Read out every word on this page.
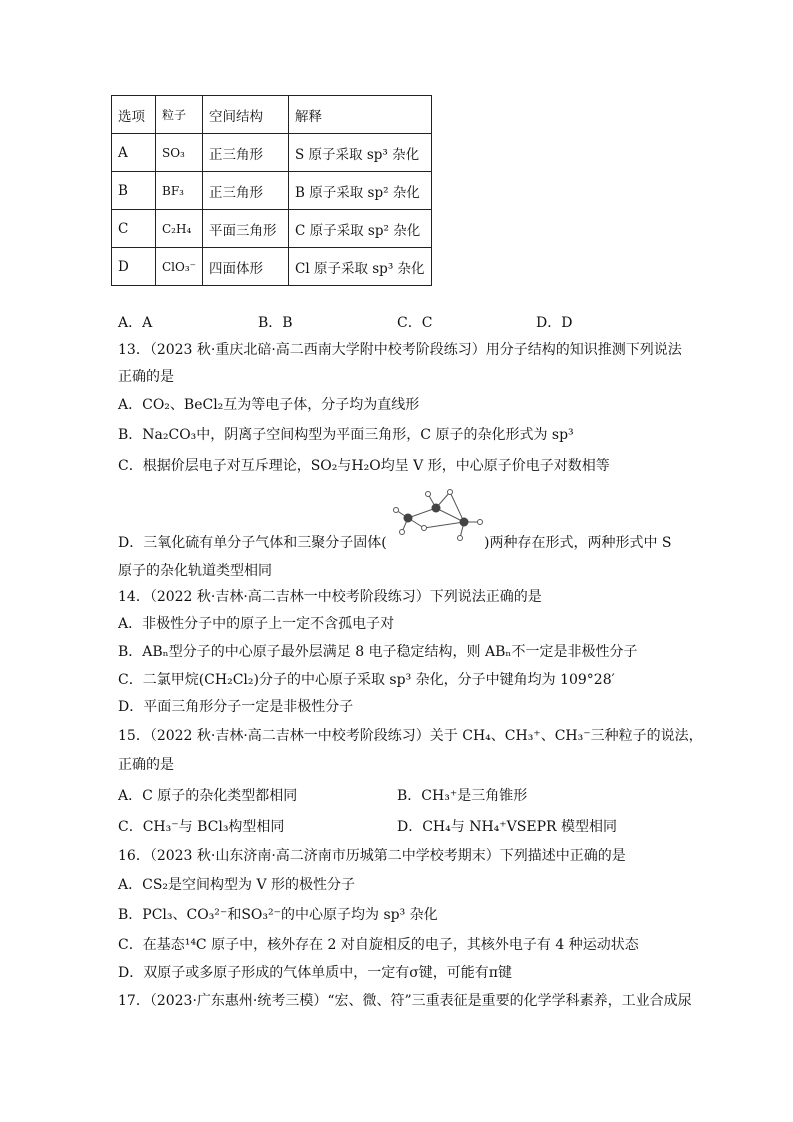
选项	粒子	空间结构	解释
A	SO₃	正三角形	S 原子采取 sp³ 杂化
B	BF₃	正三角形	B 原子采取 sp² 杂化
C	C₂H₄	平面三角形	C 原子采取 sp² 杂化
D	ClO₃⁻	四面体形	Cl 原子采取 sp³ 杂化
A．A	B．B	C．C	D．D
13．（2023 秋·重庆北碚·高二西南大学附中校考阶段练习）用分子结构的知识推测下列说法
正确的是
A．CO₂、BeCl₂互为等电子体，分子均为直线形
B．Na₂CO₃中，阴离子空间构型为平面三角形，C 原子的杂化形式为 sp³
C．根据价层电子对互斥理论，SO₂与H₂O均呈 V 形，中心原子价电子对数相等
D．三氧化硫有单分子气体和三聚分子固体(	)两种存在形式，两种形式中 S
原子的杂化轨道类型相同
14．（2022 秋·吉林·高二吉林一中校考阶段练习）下列说法正确的是
A．非极性分子中的原子上一定不含孤电子对
B．ABₙ型分子的中心原子最外层满足 8 电子稳定结构，则 ABₙ不一定是非极性分子
C．二氯甲烷(CH₂Cl₂)分子的中心原子采取 sp³ 杂化，分子中键角均为 109°28′
D．平面三角形分子一定是非极性分子
15．（2022 秋·吉林·高二吉林一中校考阶段练习）关于 CH₄、CH₃⁺、CH₃⁻三种粒子的说法，
正确的是
A．C 原子的杂化类型都相同	B．CH₃⁺是三角锥形
C．CH₃⁻与 BCl₃构型相同	D．CH₄与 NH₄⁺VSEPR 模型相同
16．（2023 秋·山东济南·高二济南市历城第二中学校考期末）下列描述中正确的是
A．CS₂是空间构型为 V 形的极性分子
B．PCl₃、CO₃²⁻和SO₃²⁻的中心原子均为 sp³ 杂化
C．在基态¹⁴C 原子中，核外存在 2 对自旋相反的电子，其核外电子有 4 种运动状态
D．双原子或多原子形成的气体单质中，一定有σ键，可能有π键
17．（2023·广东惠州·统考三模）“宏、微、符”三重表征是重要的化学学科素养，工业合成尿
